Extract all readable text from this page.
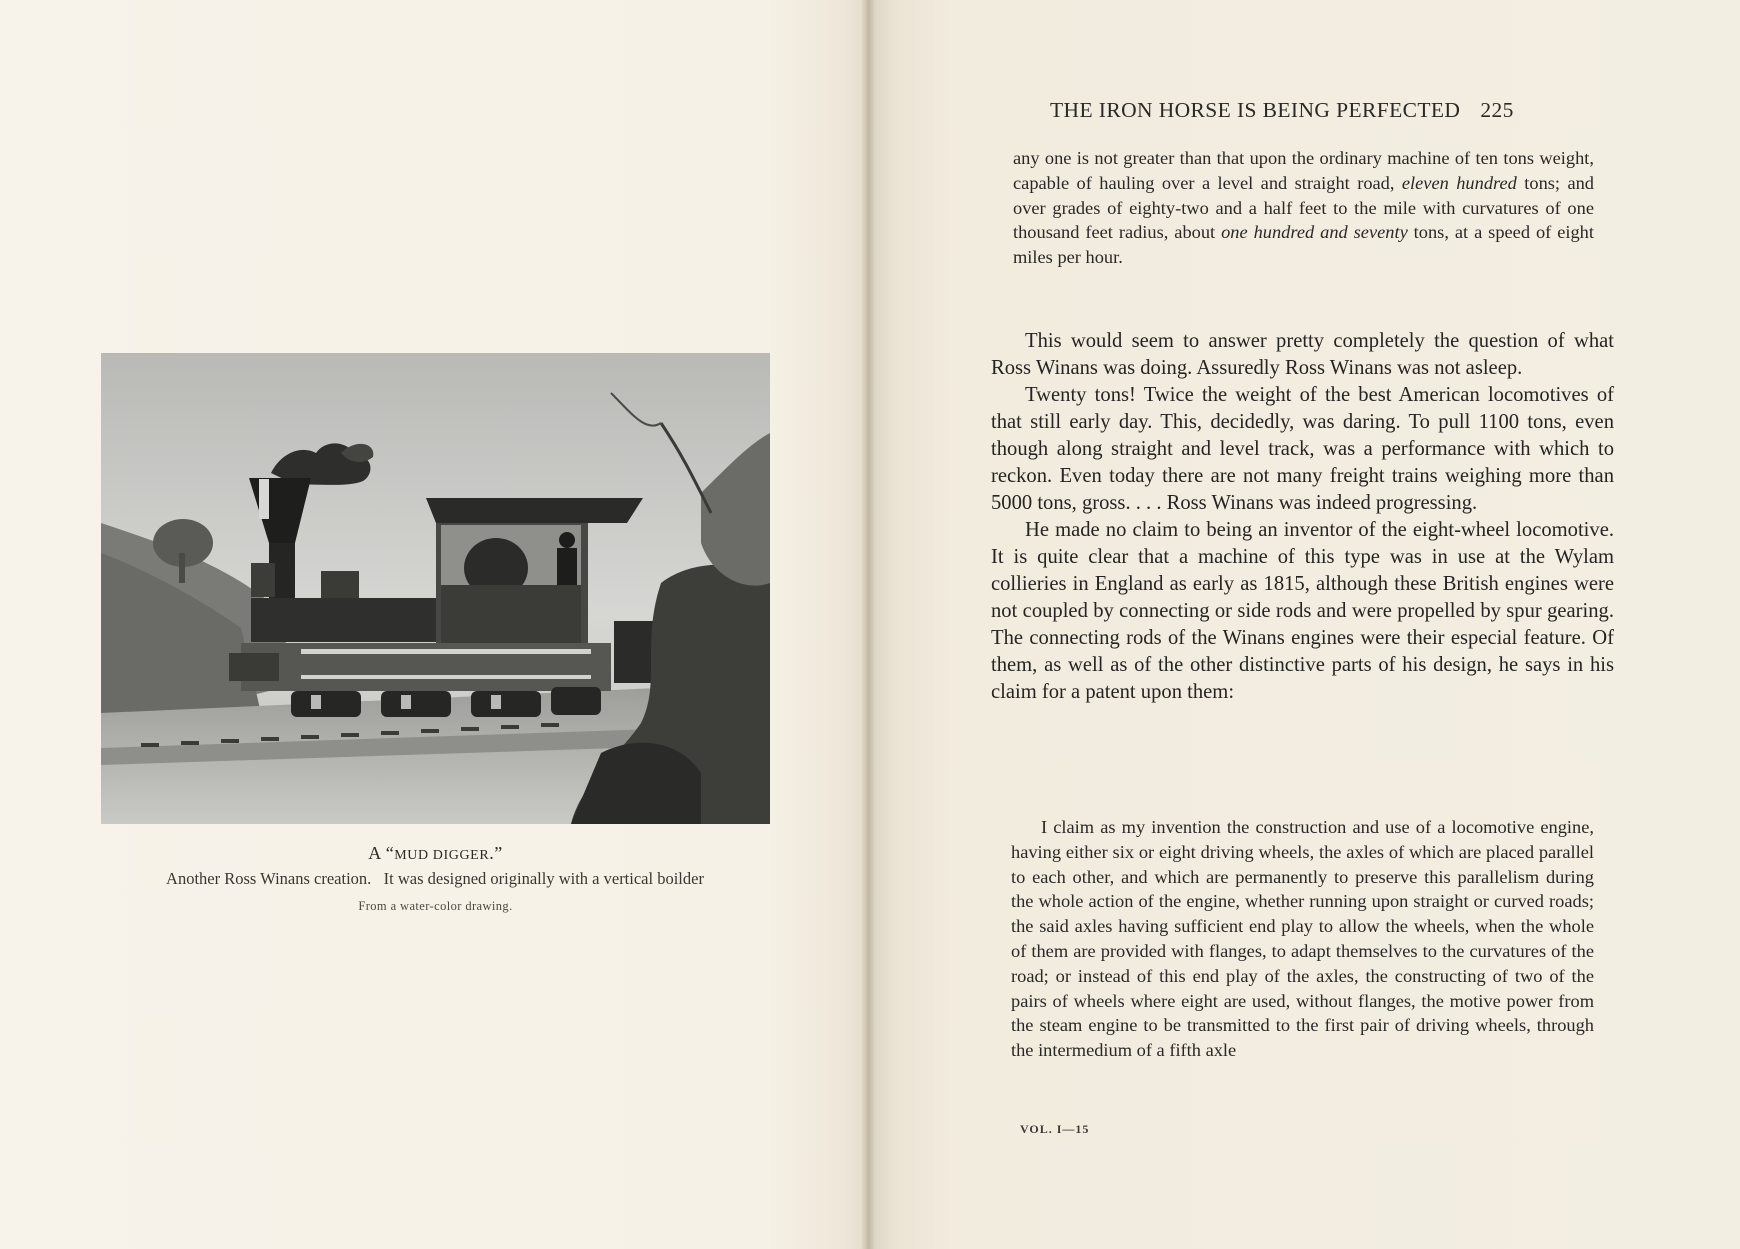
A “MUD DIGGER.”
Another Ross Winans creation.   It was designed originally with a vertical boilder
From a water-color drawing.
THE IRON HORSE IS BEING PERFECTED 225

any one is not greater than that upon the ordinary machine of ten tons weight, capable of hauling over a level and straight road, eleven hundred tons; and over grades of eighty-two and a half feet to the mile with curvatures of one thousand feet radius, about one hundred and seventy tons, at a speed of eight miles per hour.

This would seem to answer pretty completely the question of what Ross Winans was doing. Assuredly Ross Winans was not asleep.

Twenty tons! Twice the weight of the best American locomotives of that still early day. This, decidedly, was daring. To pull 1100 tons, even though along straight and level track, was a performance with which to reckon. Even today there are not many freight trains weighing more than 5000 tons, gross. . . . Ross Winans was indeed progressing.

He made no claim to being an inventor of the eight-wheel locomotive. It is quite clear that a machine of this type was in use at the Wylam collieries in England as early as 1815, although these British engines were not coupled by connecting or side rods and were propelled by spur gearing. The connecting rods of the Winans engines were their especial feature. Of them, as well as of the other distinctive parts of his design, he says in his claim for a patent upon them:

I claim as my invention the construction and use of a locomotive engine, having either six or eight driving wheels, the axles of which are placed parallel to each other, and which are permanently to preserve this parallelism during the whole action of the engine, whether running upon straight or curved roads; the said axles having sufficient end play to allow the wheels, when the whole of them are provided with flanges, to adapt themselves to the curvatures of the road; or instead of this end play of the axles, the constructing of two of the pairs of wheels where eight are used, without flanges, the motive power from the steam engine to be transmitted to the first pair of driving wheels, through the intermedium of a fifth axle

VOL. I—15
